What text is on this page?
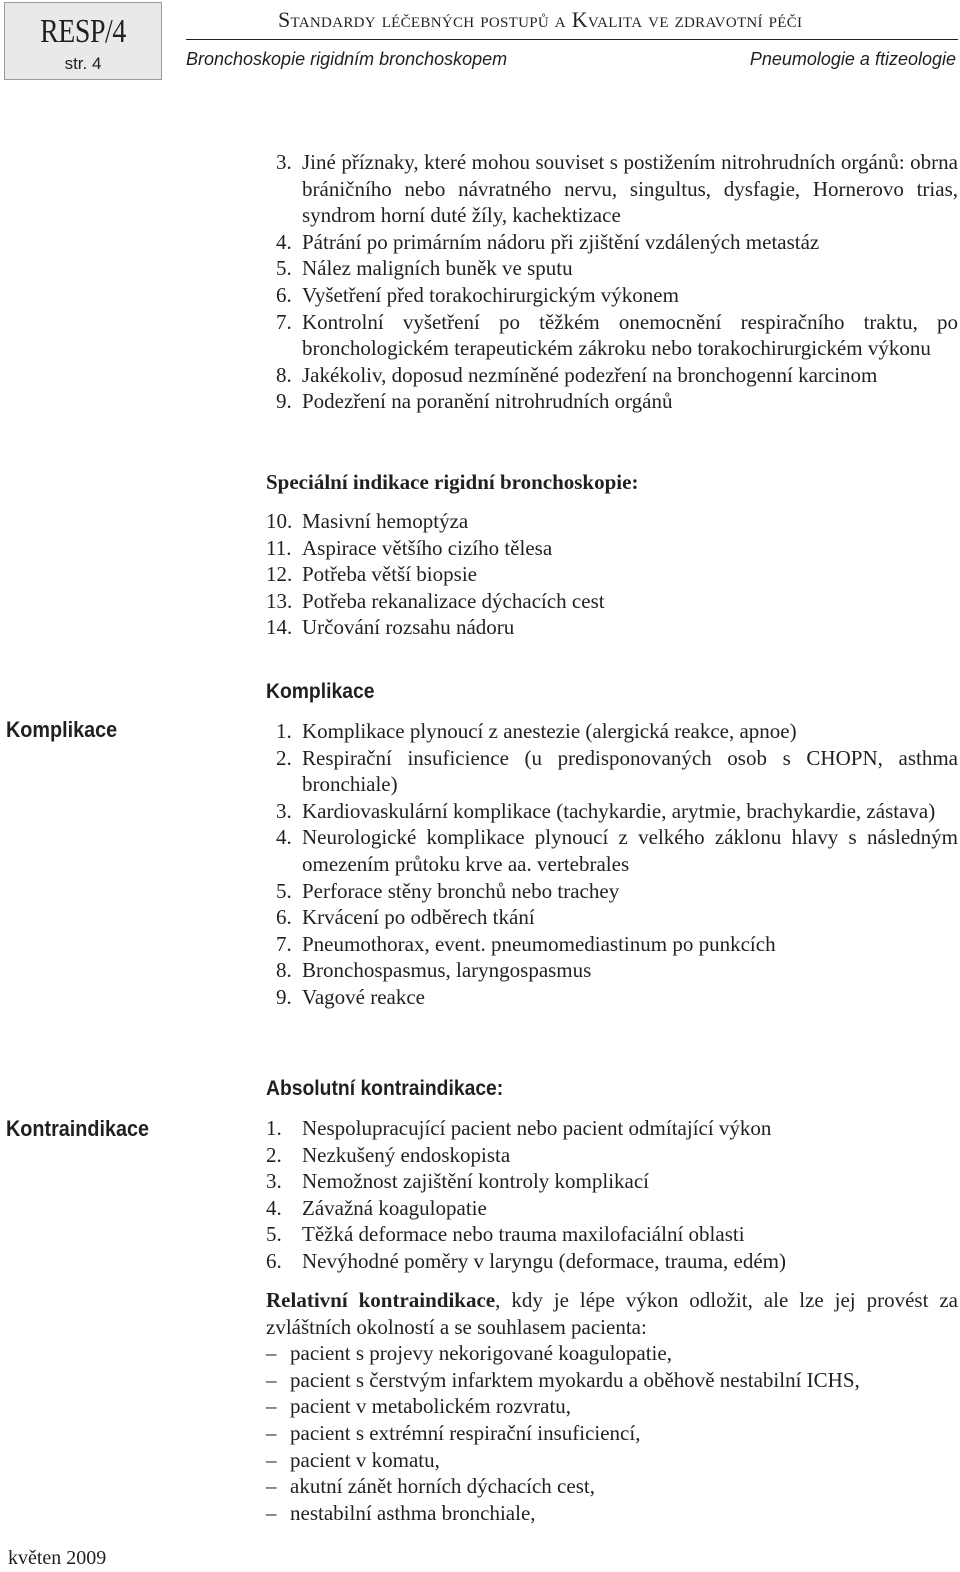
RESP/4
str. 4
Standardy léčebných postupů a Kvalita ve zdravotní péči
Bronchoskopie rigidním bronchoskopem	Pneumologie a ftizeologie
3. Jiné příznaky, které mohou souviset s postižením nitrohrudních orgánů: obrna bráničního nebo návratného nervu, singultus, dysfagie, Hornerovo trias, syndrom horní duté žíly, kachektizace
4. Pátrání po primárním nádoru při zjištění vzdálených metastáz
5. Nález maligních buněk ve sputu
6. Vyšetření před torakochirurgickým výkonem
7. Kontrolní vyšetření po těžkém onemocnění respiračního traktu, po bronchologickém terapeutickém zákroku nebo torakochirurgickém výkonu
8. Jakékoliv, doposud nezmíněné podezření na bronchogenní karcinom
9. Podezření na poranění nitrohrudních orgánů
Speciální indikace rigidní bronchoskopie:
10. Masivní hemoptýza
11. Aspirace většího cizího tělesa
12. Potřeba větší biopsie
13. Potřeba rekanalizace dýchacích cest
14. Určování rozsahu nádoru
Komplikace
Komplikace
1. Komplikace plynoucí z anestezie (alergická reakce, apnoe)
2. Respirační insuficience (u predisponovaných osob s CHOPN, asthma bronchiale)
3. Kardiovaskulární komplikace (tachykardie, arytmie, brachykardie, zástava)
4. Neurologické komplikace plynoucí z velkého záklonu hlavy s následným omezením průtoku krve aa. vertebrales
5. Perforace stěny bronchů nebo trachey
6. Krvácení po odběrech tkání
7. Pneumothorax, event. pneumomediastinum po punkcích
8. Bronchospasmus, laryngospasmus
9. Vagové reakce
Kontraindikace
Absolutní kontraindikace:
1. Nespolupracující pacient nebo pacient odmítající výkon
2. Nezkušený endoskopista
3. Nemožnost zajištění kontroly komplikací
4. Závažná koagulopatie
5. Těžká deformace nebo trauma maxilofaciální oblasti
6. Nevýhodné poměry v laryngu (deformace, trauma, edém)

Relativní kontraindikace, kdy je lépe výkon odložit, ale lze jej provést za zvláštních okolností a se souhlasem pacienta:

– pacient s projevy nekorigované koagulopatie,
– pacient s čerstvým infarktem myokardu a oběhově nestabilní ICHS,
– pacient v metabolickém rozvratu,
– pacient s extrémní respirační insuficiencí,
– pacient v komatu,
– akutní zánět horních dýchacích cest,
– nestabilní asthma bronchiale,
květen 2009
